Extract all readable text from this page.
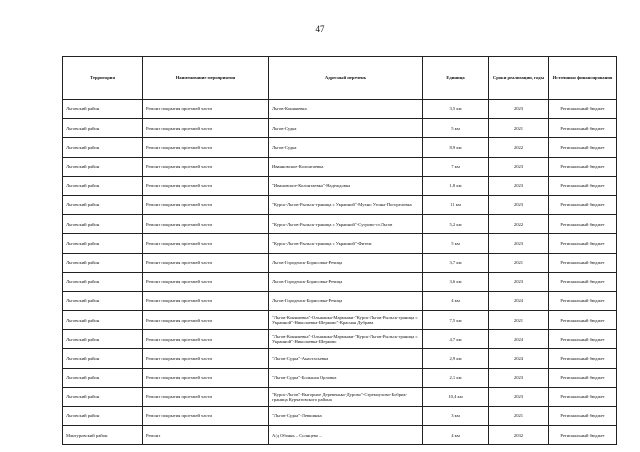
47
Территория	Наименование мероприятия	Адресный перечень	Единица	Сроки реализации, годы	Источники финансирования
Льговский район	Ремонт покрытия проезжей части	Льгов-Коняшевка	3,5 км	2023	Региональный бюджет
Льговский район	Ремонт покрытия проезжей части	Льгов-Судка	5 км	2021	Региональный бюджет
Льговский район	Ремонт покрытия проезжей части	Льгов-Судка	8,9 км	2022	Региональный бюджет
Льговский район	Ремонт покрытия проезжей части	Иванновское-Колонтаевка	7 км	2023	Региональный бюджет
Льговский район	Ремонт покрытия проезжей части	"Ивановское-Колонтаевка"-Надеждовка	1,8 км	2023	Региональный бюджет
Льговский район	Ремонт покрытия проезжей части	"Курск-Льгов-Рыльск-граница с Украиной"-Мухно Угоны-Погореловка	11 км	2023	Региональный бюджет
Льговский район	Ремонт покрытия проезжей части	"Курск-Льгов-Рыльск-граница с Украиной"-Сугрово-ст.Льгов	5,2 км	2022	Региональный бюджет
Льговский район	Ремонт покрытия проезжей части	"Курск-Льгов-Рыльск-граница с Украиной"-Фитеж	5 км	2023	Региональный бюджет
Льговский район	Ремонт покрытия проезжей части	Льгов-Городенск-Борисовка-Речица	3,7 км	2021	Региональный бюджет
Льговский район	Ремонт покрытия проезжей части	Льгов-Городенск-Борисовка-Речица	3,6 км	2023	Региональный бюджет
Льговский район	Ремонт покрытия проезжей части	Льгов-Городенск-Борисовка-Речица	4 км	2024	Региональный бюджет
Льговский район	Ремонт покрытия проезжей части	"Льгов-Коняшевка"-Ольшанка-Мармыжи-"Курск-Льгов-Рыльск-граница с Украиной"-Николаевка-Шерково"-Красная Дубрава	7,5 км	2021	Региональный бюджет
Льговский район	Ремонт покрытия проезжей части	"Льгов-Коняшевка"-Ольшанка-Мармыжи-"Курск-Льгов-Рыльск-граница с Украиной"-Николаевка-Шерково	4,7 км	2024	Региональный бюджет
Льговский район	Ремонт покрытия проезжей части	"Льгов-Судка"-Анастасьевка	2,9 км	2024	Региональный бюджет
Льговский район	Ремонт покрытия проезжей части	"Льгов-Судка"-Большая Орловка	2,1 км	2023	Региональный бюджет
Льговский район	Ремонт покрытия проезжей части	"Курск-Льгов"-Выгорное Деревенько-Дурово"-Стремоухово-Бобрик-граница Курчатовского района	10,4 км	2023	Региональный бюджет
Льговский район	Ремонт покрытия проезжей части	"Льгов-Судка"-Левшинка	3 км	2021	Региональный бюджет
Мантуровский район	Ремонт	А/д Обоянь – Солнцево –	4 км	2032	Региональный бюджет
